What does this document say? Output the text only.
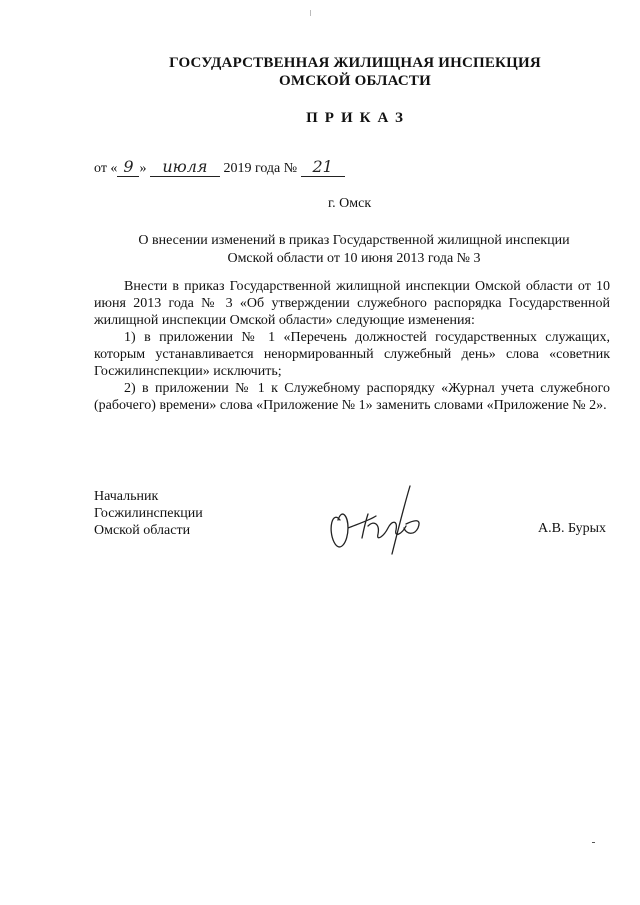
ГОСУДАРСТВЕННАЯ ЖИЛИЩНАЯ ИНСПЕКЦИЯ
ОМСКОЙ ОБЛАСТИ
ПРИКАЗ
от « 9 » июля 2019 года № 21
г. Омск
О внесении изменений в приказ Государственной жилищной инспекции
Омской области от 10 июня 2013 года № 3

Внести в приказ Государственной жилищной инспекции Омской области от 10 июня 2013 года № 3 «Об утверждении служебного распорядка Государственной жилищной инспекции Омской области» следующие изменения:

1) в приложении № 1 «Перечень должностей государственных служащих, которым устанавливается ненормированный служебный день» слова «советник Госжилинспекции» исключить;

2) в приложении № 1 к Служебному распорядку «Журнал учета служебного (рабочего) времени» слова «Приложение № 1» заменить словами «Приложение № 2».

Начальник
Госжилинспекции
Омской области	А.В. Бурых
